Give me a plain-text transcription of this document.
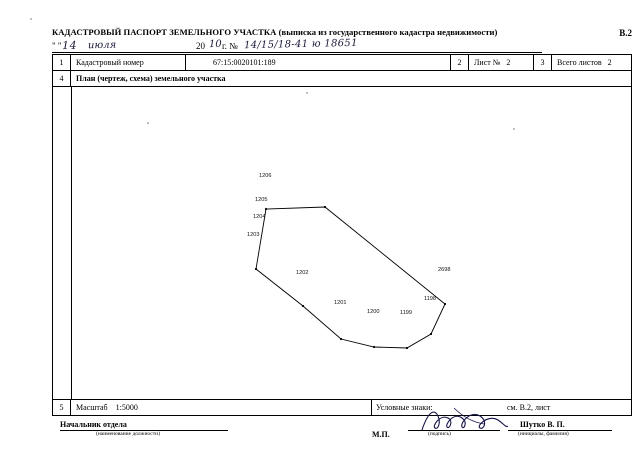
КАДАСТРОВЫЙ ПАСПОРТ ЗЕМЕЛЬНОГО УЧАСТКА (выписка из государственного кадастра недвижимости)	В.2
" " 14 июля	20 10 г. № 14/15/18-41 ю 18651
1	Кадастровый номер	67:15:0020101:189	2	Лист № 2	3	Всего листов 2
4	План (чертеж, схема) земельного участка
1206
1205
1204
1203
1202
1201
1200	1199
1198
2698
5	Масштаб 1:5000	Условные знаки:	см. В.2, лист
Начальник отдела
(наименование должности)	М.П.	(подпись)
Шутко В. П.
(инициалы, фамилия)
